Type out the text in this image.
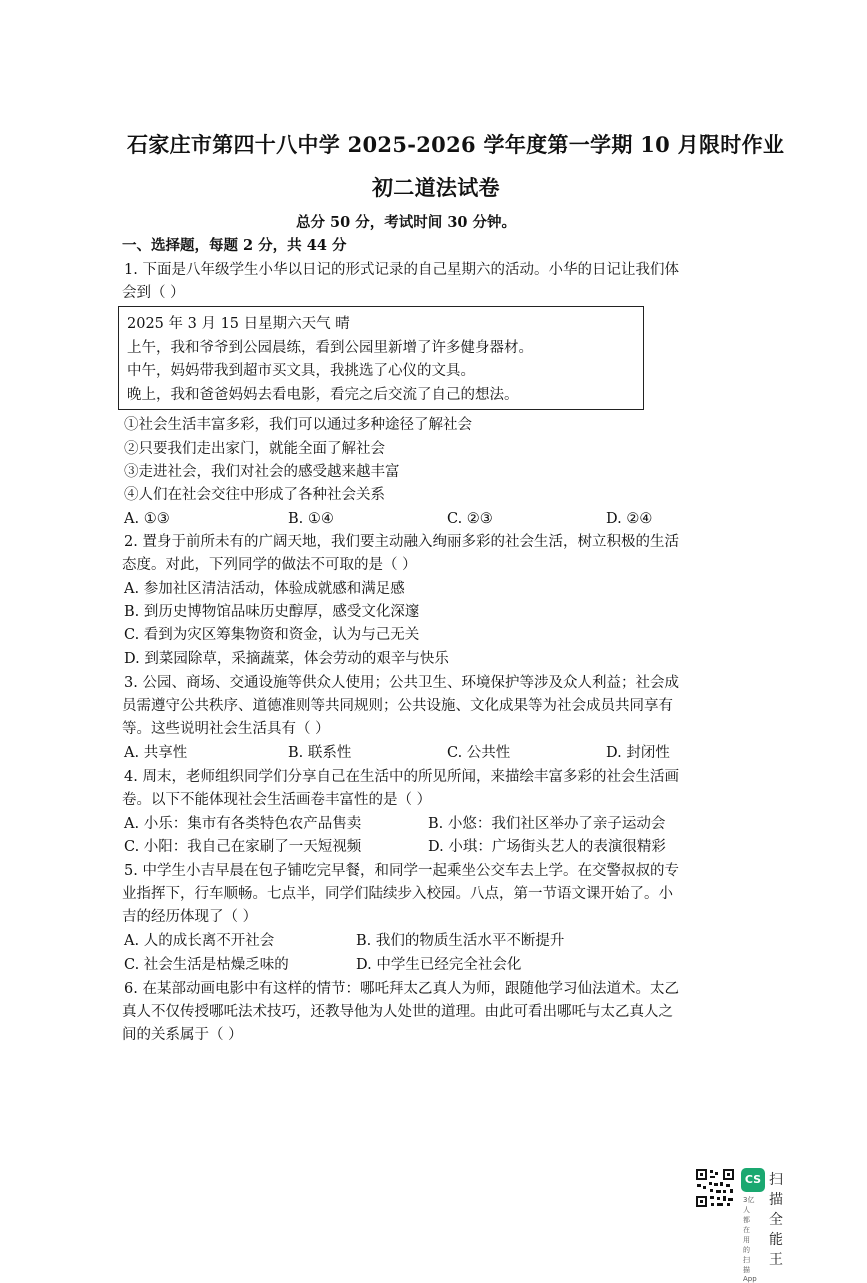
石家庄市第四十八中学 2025-2026 学年度第一学期 10 月限时作业
初二道法试卷
总分 50 分，考试时间 30 分钟。
一、选择题，每题 2 分，共 44 分
1. 下面是八年级学生小华以日记的形式记录的自己星期六的活动。小华的日记让我们体
会到（ ）
2025 年 3 月 15 日星期六天气 晴
上午，我和爷爷到公园晨练，看到公园里新增了许多健身器材。
中午，妈妈带我到超市买文具，我挑选了心仪的文具。
晚上，我和爸爸妈妈去看电影，看完之后交流了自己的想法。
①社会生活丰富多彩，我们可以通过多种途径了解社会
②只要我们走出家门，就能全面了解社会
③走进社会，我们对社会的感受越来越丰富
④人们在社会交往中形成了各种社会关系
A. ①③	B. ①④	C. ②③	D. ②④
2. 置身于前所未有的广阔天地，我们要主动融入绚丽多彩的社会生活，树立积极的生活
态度。对此，下列同学的做法不可取的是（ ）
A. 参加社区清洁活动，体验成就感和满足感
B. 到历史博物馆品味历史醇厚，感受文化深邃
C. 看到为灾区筹集物资和资金，认为与己无关
D. 到菜园除草，采摘蔬菜，体会劳动的艰辛与快乐
3. 公园、商场、交通设施等供众人使用；公共卫生、环境保护等涉及众人利益；社会成
员需遵守公共秩序、道德准则等共同规则；公共设施、文化成果等为社会成员共同享有
等。这些说明社会生活具有（ ）
A. 共享性	B. 联系性	C. 公共性	D. 封闭性
4. 周末，老师组织同学们分享自己在生活中的所见所闻，来描绘丰富多彩的社会生活画
卷。以下不能体现社会生活画卷丰富性的是（ ）
A. 小乐：集市有各类特色农产品售卖	B. 小悠：我们社区举办了亲子运动会
C. 小阳：我自己在家刷了一天短视频	D. 小琪：广场街头艺人的表演很精彩
5. 中学生小吉早晨在包子铺吃完早餐，和同学一起乘坐公交车去上学。在交警叔叔的专
业指挥下，行车顺畅。七点半，同学们陆续步入校园。八点，第一节语文课开始了。小
吉的经历体现了（ ）
A. 人的成长离不开社会	B. 我们的物质生活水平不断提升
C. 社会生活是枯燥乏味的	D. 中学生已经完全社会化
6. 在某部动画电影中有这样的情节：哪吒拜太乙真人为师，跟随他学习仙法道术。太乙
真人不仅传授哪吒法术技巧，还教导他为人处世的道理。由此可看出哪吒与太乙真人之
间的关系属于（ ）
CS 扫描全能王
3亿人都在用的扫描App
